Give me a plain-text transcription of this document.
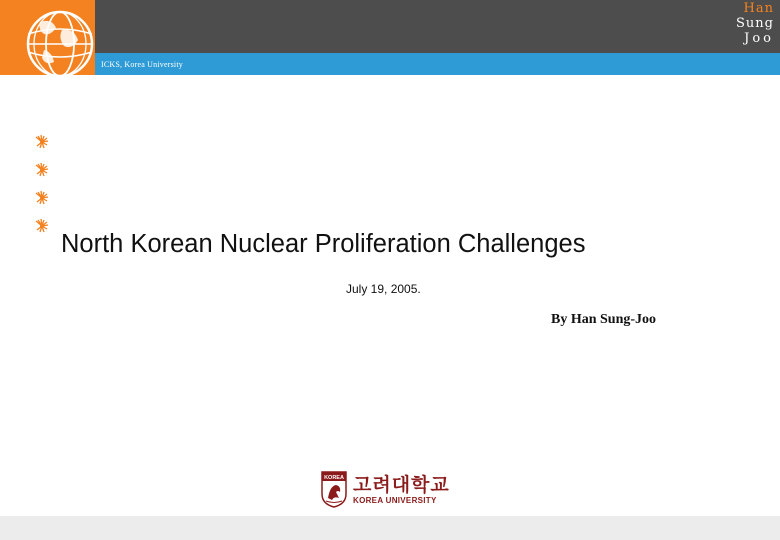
Han
Sung
Joo
ICKS, Korea University
North Korean Nuclear Proliferation Challenges
July 19, 2005.
By Han Sung-Joo
KOREA 고려대학교
KOREA UNIVERSITY
